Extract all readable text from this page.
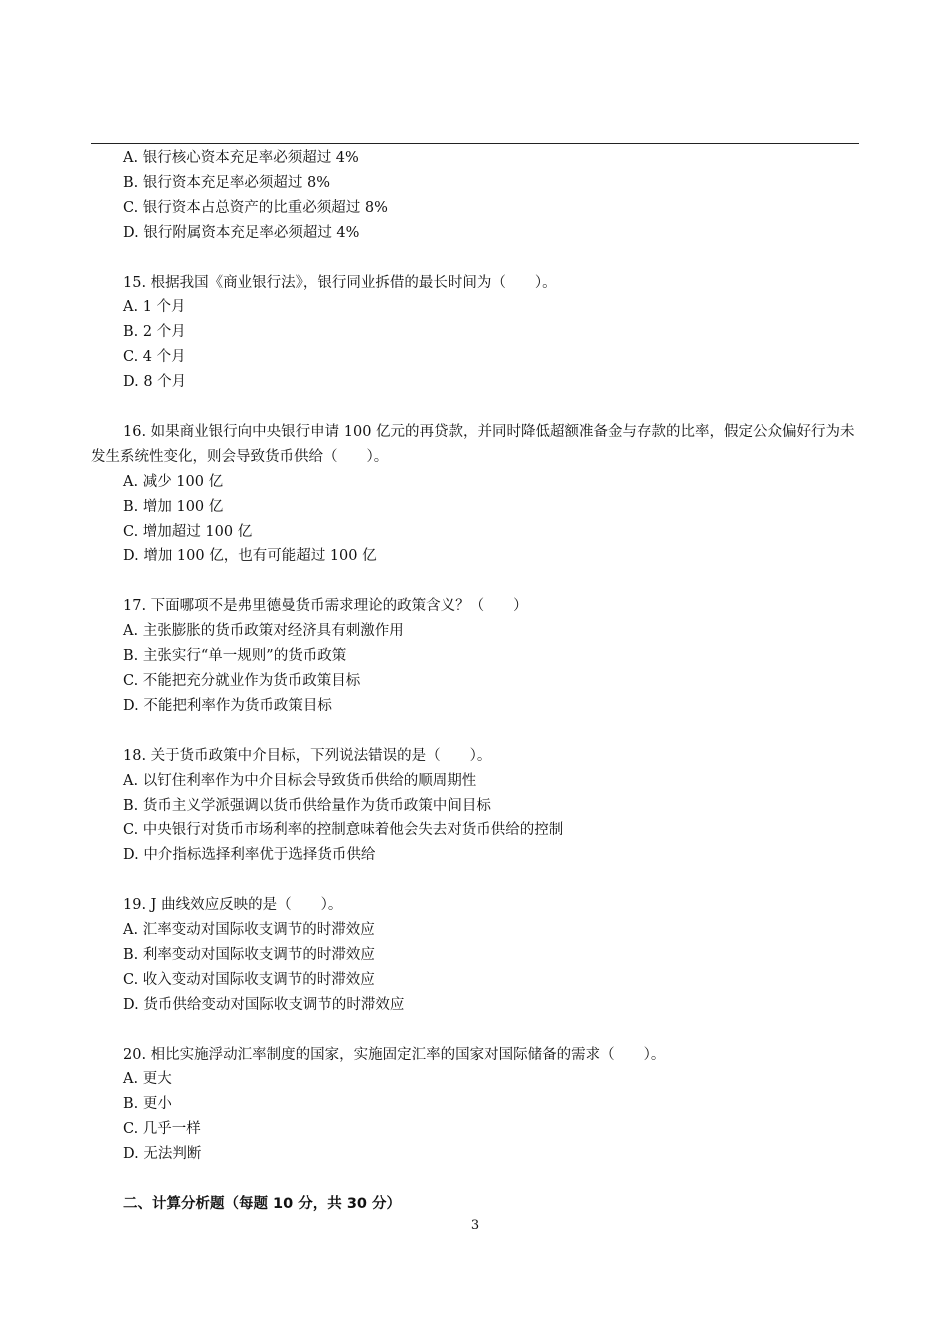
A. 银行核心资本充足率必须超过 4%
B. 银行资本充足率必须超过 8%
C. 银行资本占总资产的比重必须超过 8%
D. 银行附属资本充足率必须超过 4%
15. 根据我国《商业银行法》，银行同业拆借的最长时间为（　　）。
A. 1 个月
B. 2 个月
C. 4 个月
D. 8 个月
16. 如果商业银行向中央银行申请 100 亿元的再贷款，并同时降低超额准备金与存款的比率，假定公众偏好行为未发生系统性变化，则会导致货币供给（　　）。
A. 减少 100 亿
B. 增加 100 亿
C. 增加超过 100 亿
D. 增加 100 亿，也有可能超过 100 亿
17. 下面哪项不是弗里德曼货币需求理论的政策含义？（　　）
A. 主张膨胀的货币政策对经济具有刺激作用
B. 主张实行“单一规则”的货币政策
C. 不能把充分就业作为货币政策目标
D. 不能把利率作为货币政策目标
18. 关于货币政策中介目标，下列说法错误的是（　　）。
A. 以钉住利率作为中介目标会导致货币供给的顺周期性
B. 货币主义学派强调以货币供给量作为货币政策中间目标
C. 中央银行对货币市场利率的控制意味着他会失去对货币供给的控制
D. 中介指标选择利率优于选择货币供给
19. J 曲线效应反映的是（　　）。
A. 汇率变动对国际收支调节的时滞效应
B. 利率变动对国际收支调节的时滞效应
C. 收入变动对国际收支调节的时滞效应
D. 货币供给变动对国际收支调节的时滞效应
20. 相比实施浮动汇率制度的国家，实施固定汇率的国家对国际储备的需求（　　）。
A. 更大
B. 更小
C. 几乎一样
D. 无法判断
二、计算分析题（每题 10 分，共 30 分）
3
